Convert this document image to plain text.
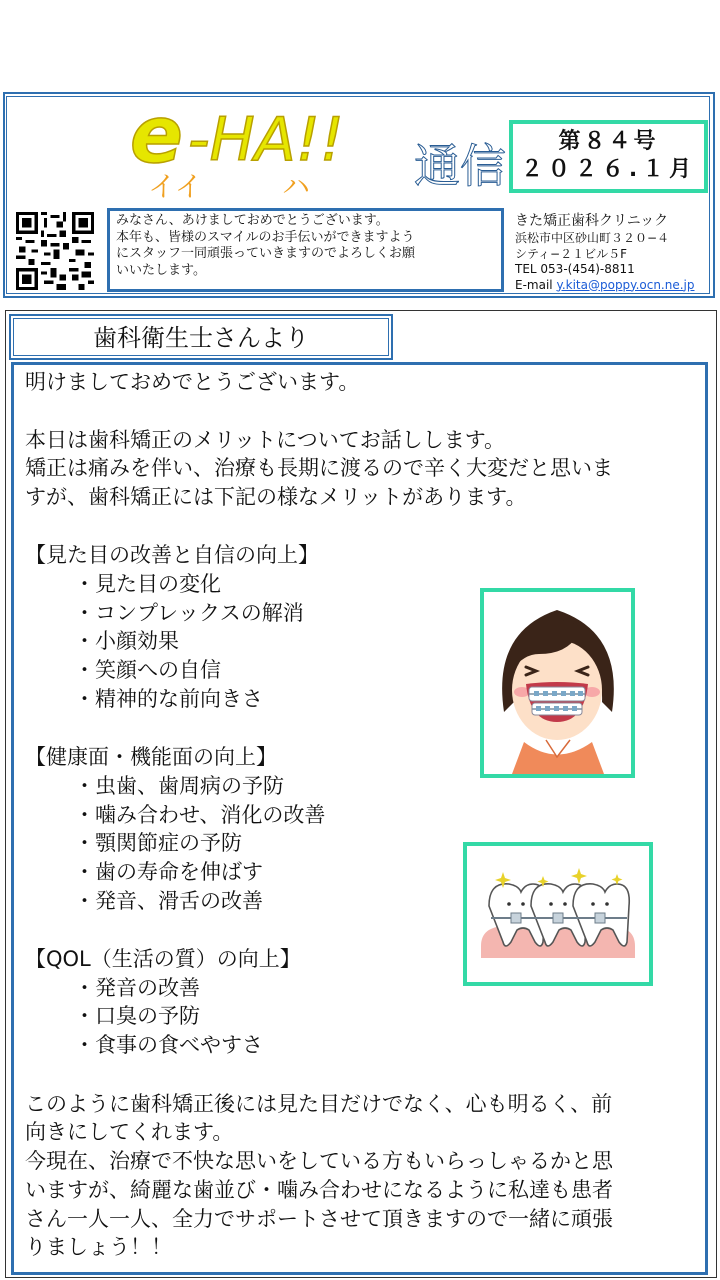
e -HA!!
イイ	ハ 通信	第８４号
２０２６.１月
みなさん、あけましておめでとうございます。
本年も、皆様のスマイルのお手伝いができますよう
にスタッフ一同頑張っていきますのでよろしくお願
いいたします。
きた矯正歯科クリニック
浜松市中区砂山町３２０−４
シティ−２１ビル５F
TEL 053-(454)-8811
E-mail y.kita@poppy.ocn.ne.jp
歯科衛生士さんより
明けましておめでとうございます。
本日は歯科矯正のメリットについてお話しします。
矯正は痛みを伴い、治療も長期に渡るので辛く大変だと思いま
すが、歯科矯正には下記の様なメリットがあります。
【見た目の改善と自信の向上】
・見た目の変化
・コンプレックスの解消
・小顔効果
・笑顔への自信
・精神的な前向きさ
【健康面・機能面の向上】
・虫歯、歯周病の予防
・噛み合わせ、消化の改善
・顎関節症の予防
・歯の寿命を伸ばす
・発音、滑舌の改善
【QOL（生活の質）の向上】
・発音の改善
・口臭の予防
・食事の食べやすさ
このように歯科矯正後には見た目だけでなく、心も明るく、前
向きにしてくれます。
今現在、治療で不快な思いをしている方もいらっしゃるかと思
いますが、綺麗な歯並び・噛み合わせになるように私達も患者
さん一人一人、全力でサポートさせて頂きますので一緒に頑張
りましょう！！
